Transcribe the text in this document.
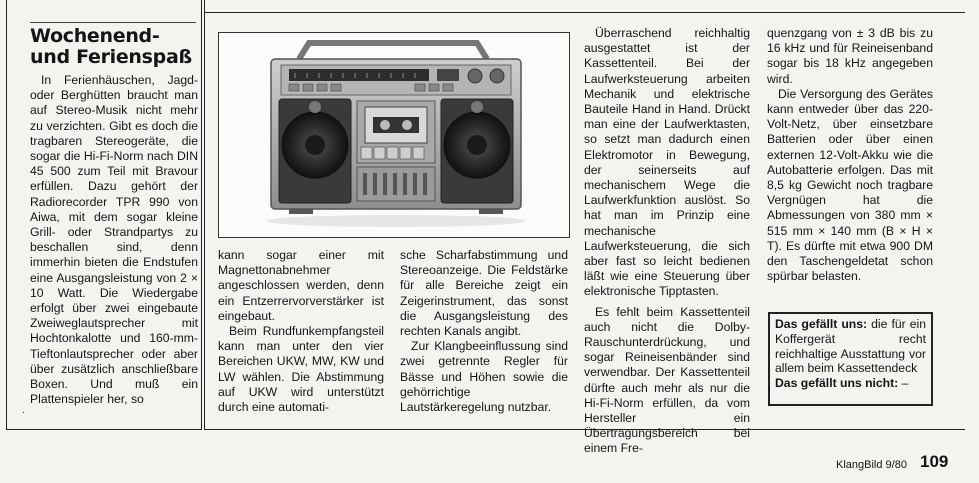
Wochenend- und Ferienspaß

In Ferienhäuschen, Jagd- oder Berghütten braucht man auf Stereo-Musik nicht mehr zu verzichten. Gibt es doch die tragbaren Stereogeräte, die sogar die Hi-Fi-Norm nach DIN 45 500 zum Teil mit Bravour erfüllen. Dazu gehört der Radiorecorder TPR 990 von Aiwa, mit dem sogar kleine Grill- oder Strandpartys zu beschallen sind, denn immerhin bieten die Endstufen eine Ausgangsleistung von 2 × 10 Watt. Die Wiedergabe erfolgt über zwei eingebaute Zweiweglautsprecher mit Hochtonkalotte und 160-mm-Tieftonlautsprecher oder aber über zusätzlich anschließbare Boxen. Und muß ein Plattenspieler her, so

kann sogar einer mit Magnettonabnehmer angeschlossen werden, denn ein Entzerrervorverstärker ist eingebaut.

Beim Rundfunkempfangsteil kann man unter den vier Bereichen UKW, MW, KW und LW wählen. Die Abstimmung auf UKW wird unterstützt durch eine automati-

sche Scharfabstimmung und Stereoanzeige. Die Feldstärke für alle Bereiche zeigt ein Zeigerinstrument, das sonst die Ausgangsleistung des rechten Kanals angibt.

Zur Klangbeeinflussung sind zwei getrennte Regler für Bässe und Höhen sowie die gehörrichtige Lautstärkeregelung nutzbar.

Überraschend reichhaltig ausgestattet ist der Kassettenteil. Bei der Laufwerksteuerung arbeiten Mechanik und elektrische Bauteile Hand in Hand. Drückt man eine der Laufwerktasten, so setzt man dadurch einen Elektromotor in Bewegung, der seinerseits auf mechanischem Wege die Laufwerkfunktion auslöst. So hat man im Prinzip eine mechanische Laufwerksteuerung, die sich aber fast so leicht bedienen läßt wie eine Steuerung über elektronische Tipptasten.

Es fehlt beim Kassettenteil auch nicht die Dolby-Rauschunterdrückung, und sogar Reineisenbänder sind verwendbar. Der Kassettenteil dürfte auch mehr als nur die Hi-Fi-Norm erfüllen, da vom Hersteller ein Übertragungsbereich bei einem Fre-

quenzgang von ± 3 dB bis zu 16 kHz und für Reineisenband sogar bis 18 kHz angegeben wird.

Die Versorgung des Gerätes kann entweder über das 220-Volt-Netz, über einsetzbare Batterien oder über einen externen 12-Volt-Akku wie die Autobatterie erfolgen. Das mit 8,5 kg Gewicht noch tragbare Vergnügen hat die Abmessungen von 380 mm × 515 mm × 140 mm (B × H × T). Es dürfte mit etwa 900 DM den Taschengeldetat schon spürbar belasten.

Das gefällt uns: die für ein Koffergerät recht reichhaltige Ausstattung vor allem beim Kassettendeck

Das gefällt uns nicht: –

.
KlangBild 9/80 109
